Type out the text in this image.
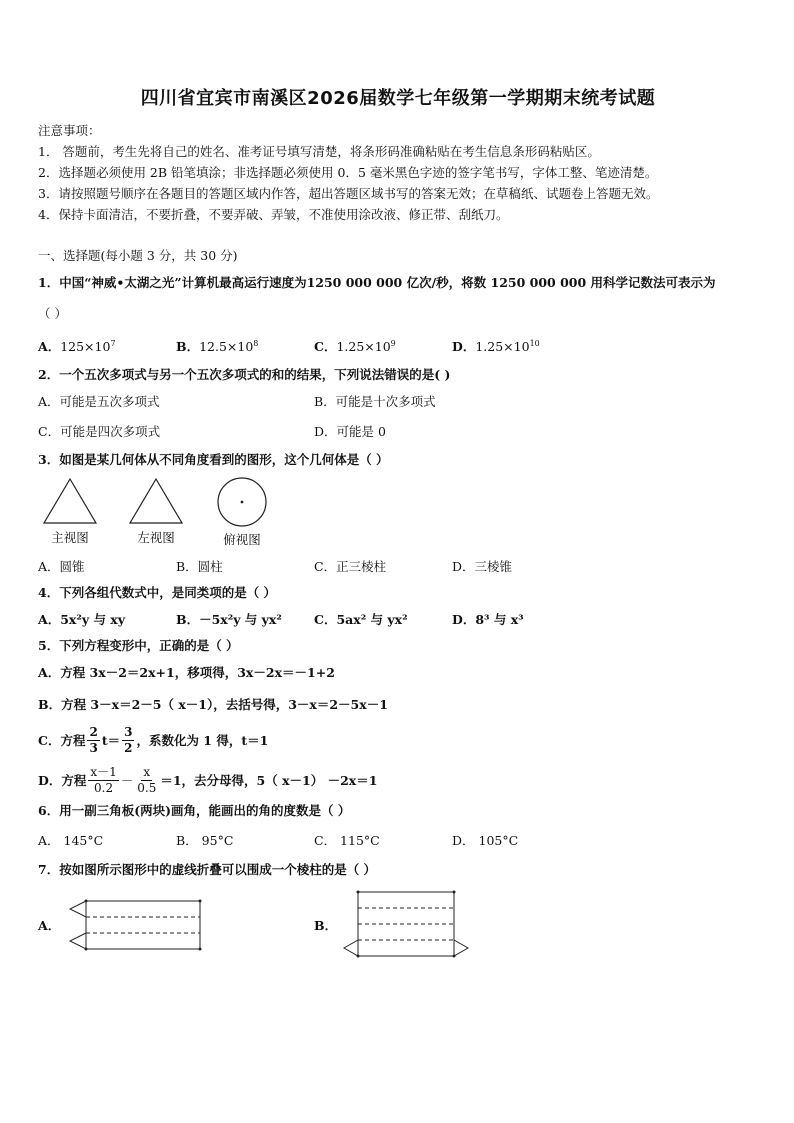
四川省宜宾市南溪区2026届数学七年级第一学期期末统考试题
注意事项：
1． 答题前，考生先将自己的姓名、准考证号填写清楚，将条形码准确粘贴在考生信息条形码粘贴区。
2．选择题必须使用 2B 铅笔填涂；非选择题必须使用 0．5 毫米黑色字迹的签字笔书写，字体工整、笔迹清楚。
3．请按照题号顺序在各题目的答题区域内作答，超出答题区域书写的答案无效；在草稿纸、试题卷上答题无效。
4．保持卡面清洁，不要折叠，不要弄破、弄皱，不准使用涂改液、修正带、刮纸刀。
一、选择题(每小题 3 分，共 30 分)
1．中国“神威•太湖之光”计算机最高运行速度为1250 000 000 亿次/秒，将数 1250 000 000 用科学记数法可表示为
（ ）
A．$125\times 10^7$	B．$12.5\times 10^8$	C．$1.25\times 10^9$	D．$1.25\times 10^{10}$
2．一个五次多项式与另一个五次多项式的和的结果，下列说法错误的是( )
A．可能是五次多项式	B．可能是十次多项式
C．可能是四次多项式	D．可能是 0
3．如图是某几何体从不同角度看到的图形，这个几何体是（ ）
主视图	左视图	俯视图
A．圆锥	B．圆柱	C．正三棱柱	D．三棱锥
4．下列各组代数式中，是同类项的是（ ）
A．5x²y 与 xy	B．－5x²y 与 yx²	C．5ax² 与 yx²	D．8³ 与 x³
5．下列方程变形中，正确的是（ ）
A．方程 3x－2＝2x+1，移项得，3x－2x＝－1+2
B．方程 3－x＝2－5（ x－1），去括号得，3－x＝2－5x－1
C．方程 $\frac{2}{3} t= \frac{3}{2}$ ，系数化为 1 得，t＝1
D．方程 $\frac{x-1}{0.2} - \frac{x}{0.5} =1$，去分母得，5（ x－1） －2x＝1
6．用一副三角板(两块)画角，能画出的角的度数是（ ）
A． 145°C	B． 95°C	C． 115°C	D． 105°C
7．按如图所示图形中的虚线折叠可以围成一个棱柱的是（ ）
A．	B．
